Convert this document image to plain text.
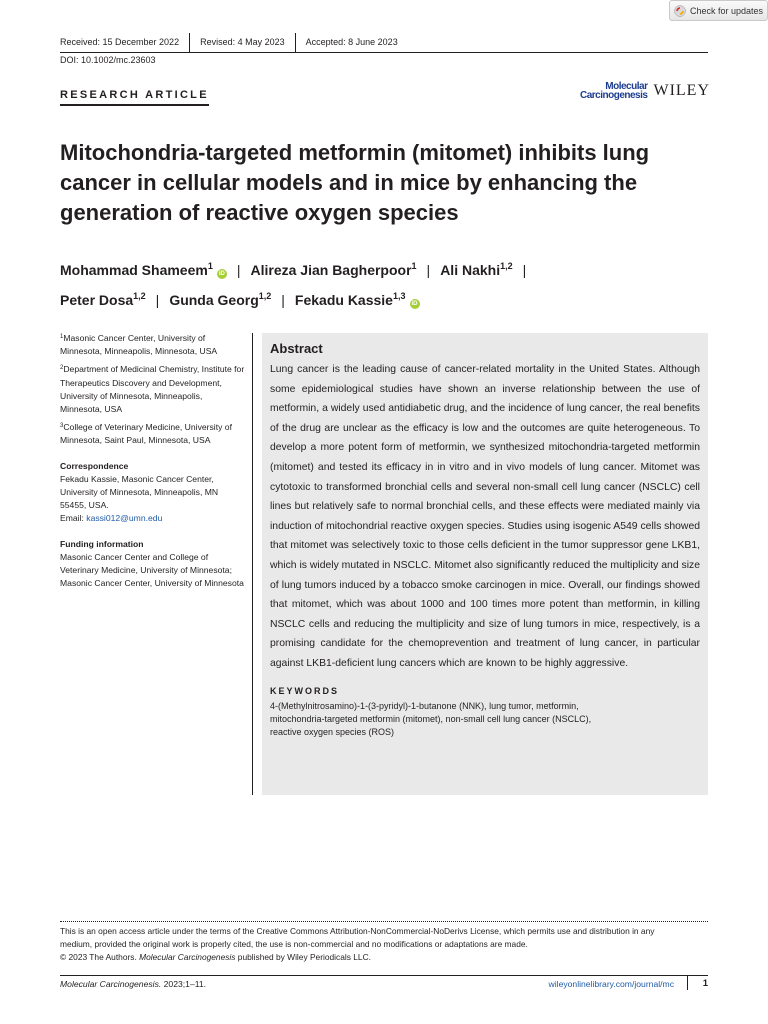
Check for updates
Received: 15 December 2022	Revised: 4 May 2023	Accepted: 8 June 2023
DOI: 10.1002/mc.23603
RESEARCH ARTICLE
Molecular
Carcinogenesis WILEY
Mitochondria-targeted metformin (mitomet) inhibits lung cancer in cellular models and in mice by enhancing the generation of reactive oxygen species
Mohammad Shameem$^1$iD | Alireza Jian Bagherpoor$^1$ | Ali Nakhi$^{1,2}$ |
Peter Dosa$^{1,2}$ | Gunda Georg$^{1,2}$ | Fekadu Kassie$^{1,3}$iD
$^1$Masonic Cancer Center, University of Minnesota, Minneapolis, Minnesota, USA
$^2$Department of Medicinal Chemistry, Institute for Therapeutics Discovery and Development, University of Minnesota, Minneapolis, Minnesota, USA
$^3$College of Veterinary Medicine, University of Minnesota, Saint Paul, Minnesota, USA
Correspondence
Fekadu Kassie, Masonic Cancer Center, University of Minnesota, Minneapolis, MN 55455, USA.
Email: kassi012@umn.edu
Funding information
Masonic Cancer Center and College of Veterinary Medicine, University of Minnesota; Masonic Cancer Center, University of Minnesota
Abstract
Lung cancer is the leading cause of cancer-related mortality in the United States. Although some epidemiological studies have shown an inverse relationship between the use of metformin, a widely used antidiabetic drug, and the incidence of lung cancer, the real benefits of the drug are unclear as the efficacy is low and the outcomes are quite heterogeneous. To develop a more potent form of metformin, we synthesized mitochondria-targeted metformin (mitomet) and tested its efficacy in in vitro and in vivo models of lung cancer. Mitomet was cytotoxic to transformed bronchial cells and several non-small cell lung cancer (NSCLC) cell lines but relatively safe to normal bronchial cells, and these effects were mediated mainly via induction of mitochondrial reactive oxygen species. Studies using isogenic A549 cells showed that mitomet was selectively toxic to those cells deficient in the tumor suppressor gene LKB1, which is widely mutated in NSCLC. Mitomet also significantly reduced the multiplicity and size of lung tumors induced by a tobacco smoke carcinogen in mice. Overall, our findings showed that mitomet, which was about 1000 and 100 times more potent than metformin, in killing NSCLC cells and reducing the multiplicity and size of lung tumors in mice, respectively, is a promising candidate for the chemoprevention and treatment of lung cancer, in particular against LKB1-deficient lung cancers which are known to be highly aggressive.
KEYWORDS
4-(Methylnitrosamino)-1-(3-pyridyl)-1-butanone (NNK), lung tumor, metformin,
mitochondria-targeted metformin (mitomet), non-small cell lung cancer (NSCLC),
reactive oxygen species (ROS)
This is an open access article under the terms of the Creative Commons Attribution-NonCommercial-NoDerivs License, which permits use and distribution in any
medium, provided the original work is properly cited, the use is non-commercial and no modifications or adaptations are made.
© 2023 The Authors. Molecular Carcinogenesis published by Wiley Periodicals LLC.
Molecular Carcinogenesis. 2023;1–11.	wileyonlinelibrary.com/journal/mc	1
